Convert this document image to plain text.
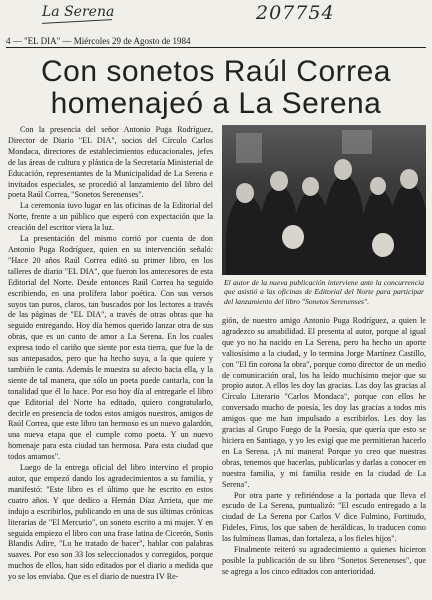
La Serena	207754
4 — "EL DIA" — Miércoles 29 de Agosto de 1984
Con sonetos Raúl Correa
homenajeó a La Serena

Con la presencia del señor Antonio Puga Rodríguez, Director de Diario "EL DIA", socios del Círculo Carlos Mondaca, directores de establecimientos educacionales, jefes de las áreas de cultura y plástica de la Secretaría Ministerial de Educación, representantes de la Municipalidad de La Serena e invitados especiales, se procedió al lanzamiento del libro del poeta Raúl Correa, "Sonetos Serenenses".

La ceremonia tuvo lugar en las oficinas de la Editorial del Norte, frente a un público que esperó con expectación que la creación del escritor viera la luz.

La presentación del mismo corrió por cuenta de don Antonio Puga Rodríguez, quien en su intervención señaló: "Hace 20 años Raúl Correa editó su primer libro, en los talleres de diario "EL DIA", que fueron los antecesores de esta Editorial del Norte. Desde entonces Raúl Correa ha seguido escribiendo, en una prolífera labor poética. Con sus versos suyos tan puros, claros, tan buscados por los lectores a través de las páginas de "EL DIA", a través de otras obras que ha seguido entregando. Hoy día hemos querido lanzar otra de sus obras, que es un canto de amor a La Serena. En los cuales expresa todo el cariño que siente por esta tierra, que fue la de sus antepasados, pero que ha hecho suya, a la que quiere y también le canta. Además le muestra su afecto hacia ella, y la siente de tal manera, que sólo un poeta puede cantarla, con la tonalidad que él lo hace. Por eso hoy día al entregarle el libro que Editorial del Norte ha editado, quiero congratularlo, decirle en presencia de todos estos amigos nuestros, amigos de Raúl Correa, que este libro tan hermoso es un nuevo galardón, una nueva etapa que el cumple como poeta. Y un nuevo homenaje para esta ciudad tan hermosa. Para esta ciudad que todos amamos".

Luego de la entrega oficial del libro intervino el propio autor, que empezó dando los agradecimientos a su familia, y manifestó: "Este libro es el último que he escrito en estos cuatro años. Y que dedico a Hernán Díaz Arrieta, que me indujo a escribirlos, publicando en una de sus últimas crónicas literarias de "El Mercurio", un soneto escrito a mi mujer. Y en seguida empiezo el libro con una frase latina de Cicerón, Sonis Blandis Adire, "Lo he tratado de hacer", hablar con palabras suaves. Por eso son 33 los seleccionados y corregidos, porque muchos de ellos, han sido editados por el diario a medida que yo se los enviaba. Que es el diario de nuestra IV Re-

El autor de la nueva publicación interviene ante la concurrencia que asistió a las oficinas de Editorial del Norte para participar del lanzamiento del libro "Sonetos Serenenses".

gión, de nuestro amigo Antonio Puga Rodríguez, a quien le agradezco su amabilidad. El presenta al autor, porque al igual que yo no ha nacido en La Serena, pero ha hecho un aporte valiosísimo a la ciudad, y lo termina Jorge Martínez Castillo, con "El fin corona la obra", porque como director de un medio de comunicación oral, los ha leído muchísimo mejor que su propio autor. A ellos les doy las gracias. Las doy las gracias al Círculo Literario "Carlos Mondaca", porque con ellos he conversado mucho de poesía, les doy las gracias a todos mis amigos que me han impulsado a escribirlos. Les doy las gracias al Grupo Fuego de la Poesía, que quería que esto se hiciera en Santiago, y yo les exigí que me permitieran hacerlo en La Serena. ¡A mi manera! Porque yo creo que nuestras obras, tenemos que hacerlas, publicarlas y darlas a conocer en nuestra familia, y mi familia reside en la ciudad de La Serena".

Por otra parte y refiriéndose a la portada que lleva el escudo de La Serena, puntualizó: "El escudo entregado a la ciudad de La Serena por Carlos V dice Fulmino, Fortitudo, Fideles, Firus, los que saben de heráldicas, lo traducen como las fulmíneas llamas, dan fortaleza, a los fieles hijos".

Finalmente reiteró su agradecimiento a quienes hicieron posible la publicación de su libro "Sonetos Serenenses", que se agrega a los cinco editados con anterioridad.
